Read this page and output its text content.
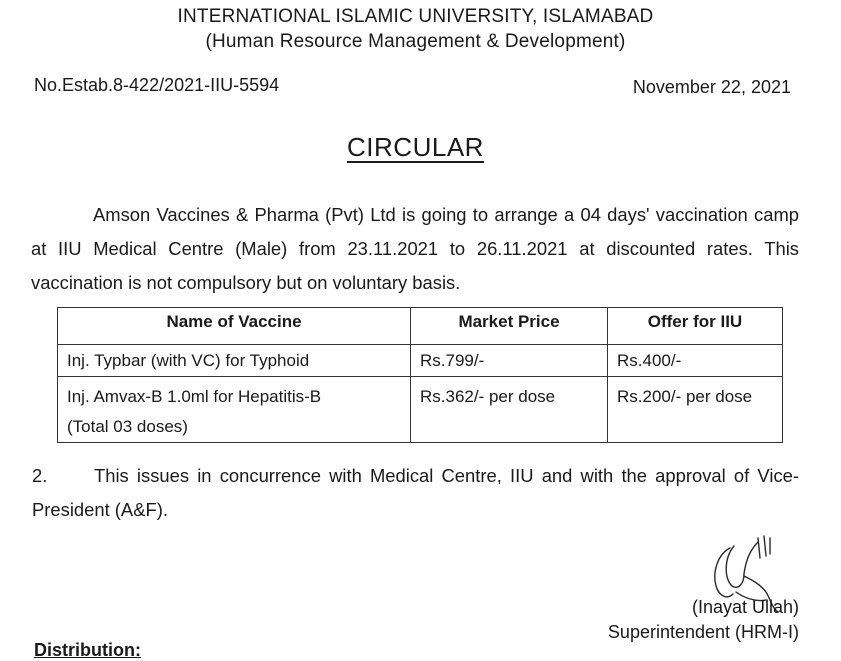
INTERNATIONAL ISLAMIC UNIVERSITY, ISLAMABAD
(Human Resource Management & Development)
No.Estab.8-422/2021-IIU-5594	November 22, 2021
CIRCULAR
Amson Vaccines & Pharma (Pvt) Ltd is going to arrange a 04 days' vaccination camp at IIU Medical Centre (Male) from 23.11.2021 to 26.11.2021 at discounted rates. This vaccination is not compulsory but on voluntary basis.
Name of Vaccine	Market Price	Offer for IIU
Inj. Typbar (with VC) for Typhoid	Rs.799/-	Rs.400/-
Inj. Amvax-B 1.0ml for Hepatitis-B
(Total 03 doses)	Rs.362/- per dose	Rs.200/- per dose
2.	This issues in concurrence with Medical Centre, IIU and with the approval of Vice-President (A&F).
(Inayat Ullah)
Superintendent (HRM-I)
Distribution:
